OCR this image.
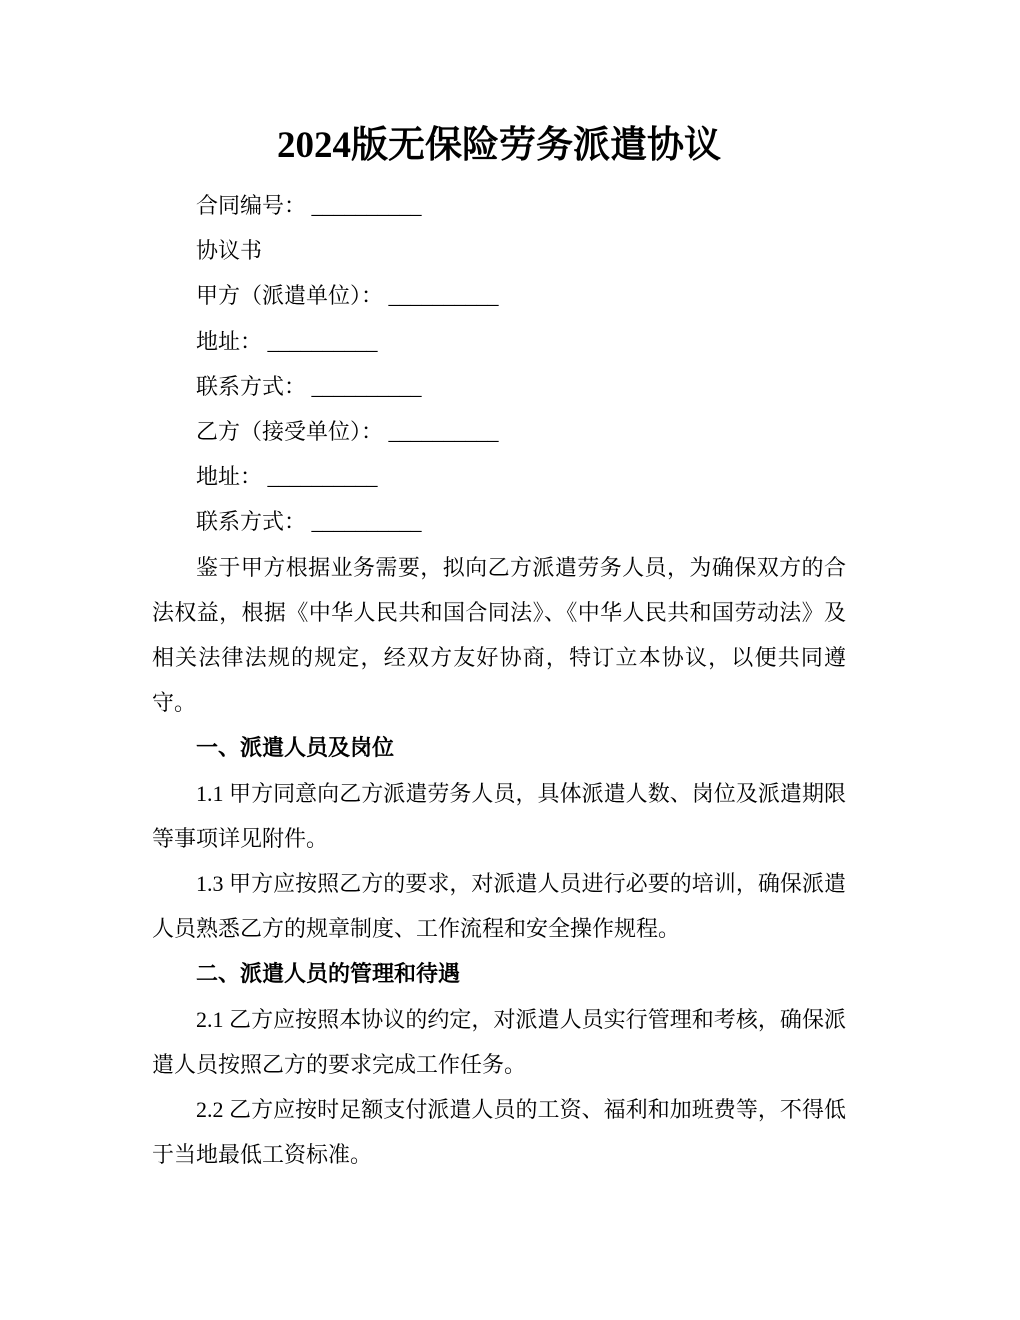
2024版无保险劳务派遣协议

合同编号： __________

协议书

甲方（派遣单位）： __________

地址： __________

联系方式： __________

乙方（接受单位）： __________

地址： __________

联系方式： __________

鉴于甲方根据业务需要，拟向乙方派遣劳务人员，为确保双方的合法权益，根据《中华人民共和国合同法》、《中华人民共和国劳动法》及相关法律法规的规定，经双方友好协商，特订立本协议，以便共同遵守。

一、派遣人员及岗位

1.1 甲方同意向乙方派遣劳务人员，具体派遣人数、岗位及派遣期限等事项详见附件。

1.3 甲方应按照乙方的要求，对派遣人员进行必要的培训，确保派遣人员熟悉乙方的规章制度、工作流程和安全操作规程。

二、派遣人员的管理和待遇

2.1 乙方应按照本协议的约定，对派遣人员实行管理和考核，确保派遣人员按照乙方的要求完成工作任务。

2.2 乙方应按时足额支付派遣人员的工资、福利和加班费等，不得低于当地最低工资标准。
